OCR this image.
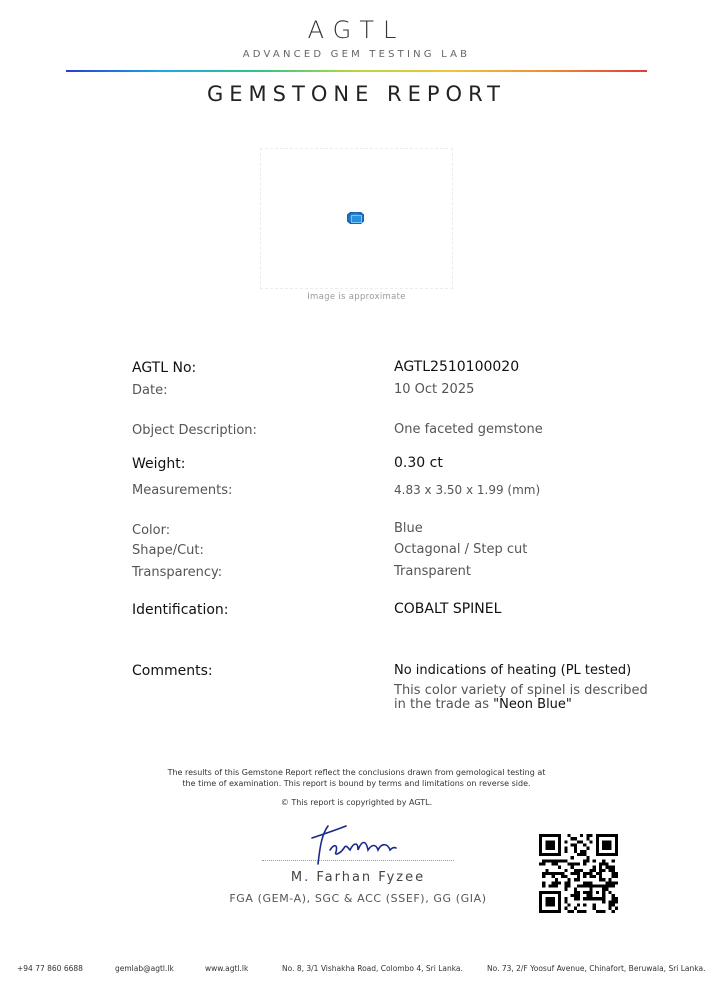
AGTL
ADVANCED GEM TESTING LAB
GEMSTONE REPORT
Image is approximate
AGTL No:	AGTL2510100020
Date:	10 Oct 2025
Object Description:	One faceted gemstone
Weight:	0.30 ct
Measurements:	4.83 x 3.50 x 1.99 (mm)
Color:	Blue
Shape/Cut:	Octagonal / Step cut
Transparency:	Transparent
Identification:	COBALT SPINEL
Comments:	No indications of heating (PL tested)
This color variety of spinel is described
in the trade as "Neon Blue"
The results of this Gemstone Report reflect the conclusions drawn from gemological testing at
the time of examination. This report is bound by terms and limitations on reverse side.
© This report is copyrighted by AGTL.
M. Farhan Fyzee
FGA (GEM-A), SGC & ACC (SSEF), GG (GIA)
+94 77 860 6688	gemlab@agtl.lk	www.agtl.lk	No. 8, 3/1 Vishakha Road, Colombo 4, Sri Lanka.	No. 73, 2/F Yoosuf Avenue, Chinafort, Beruwala, Sri Lanka.
